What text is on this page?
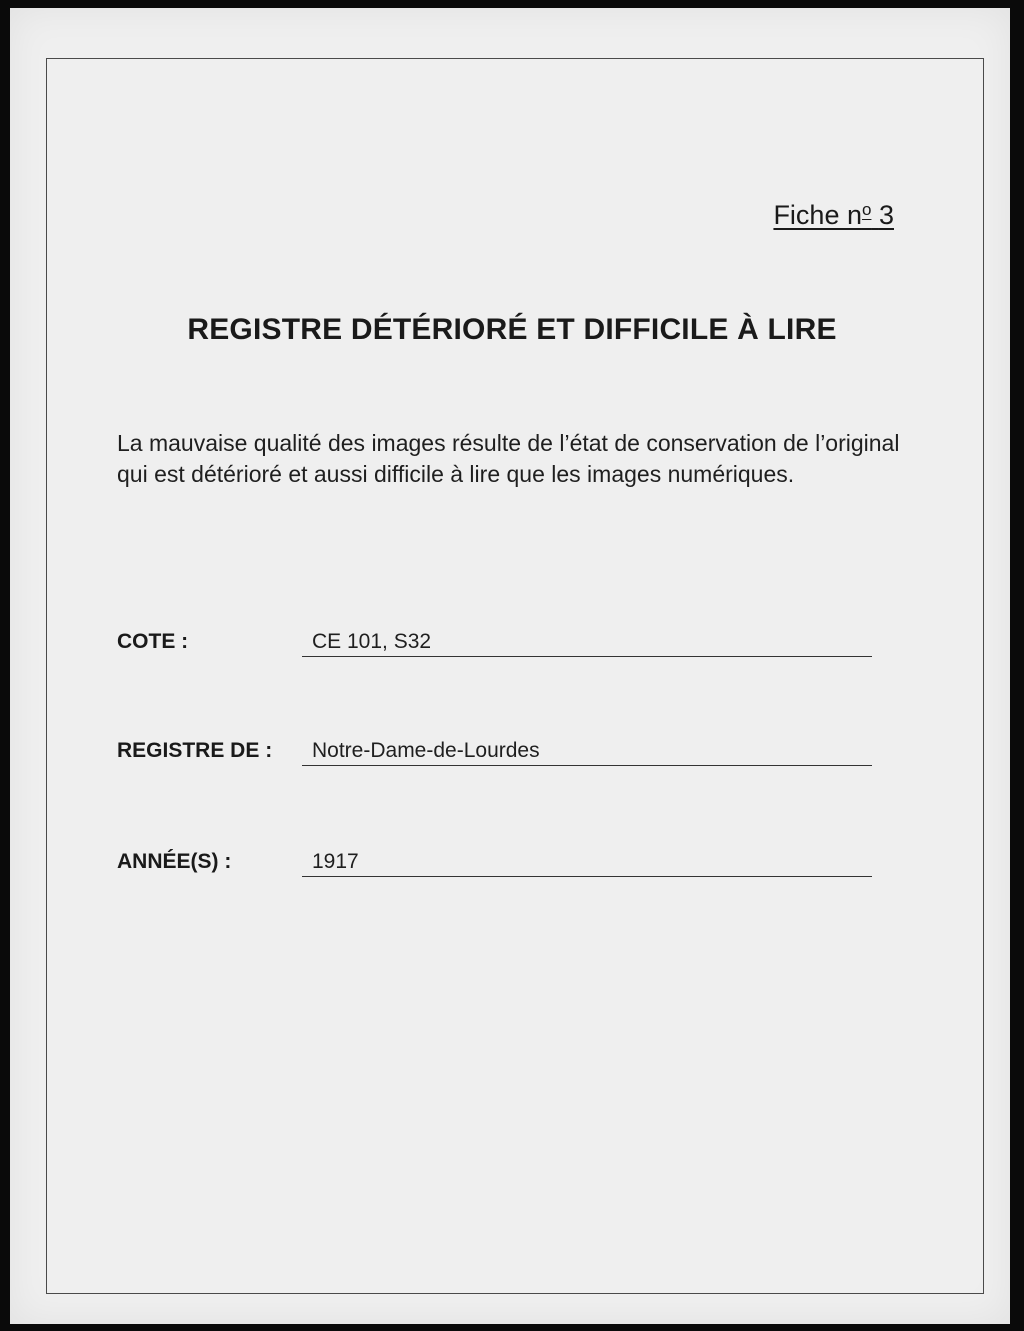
Fiche $n^o$ 3
REGISTRE DÉTÉRIORÉ ET DIFFICILE À LIRE
La mauvaise qualité des images résulte de l’état de conservation de l’original qui est détérioré et aussi difficile à lire que les images numériques.
COTE :	CE 101, S32
REGISTRE DE :	Notre-Dame-de-Lourdes
ANNÉE(S) :	1917
